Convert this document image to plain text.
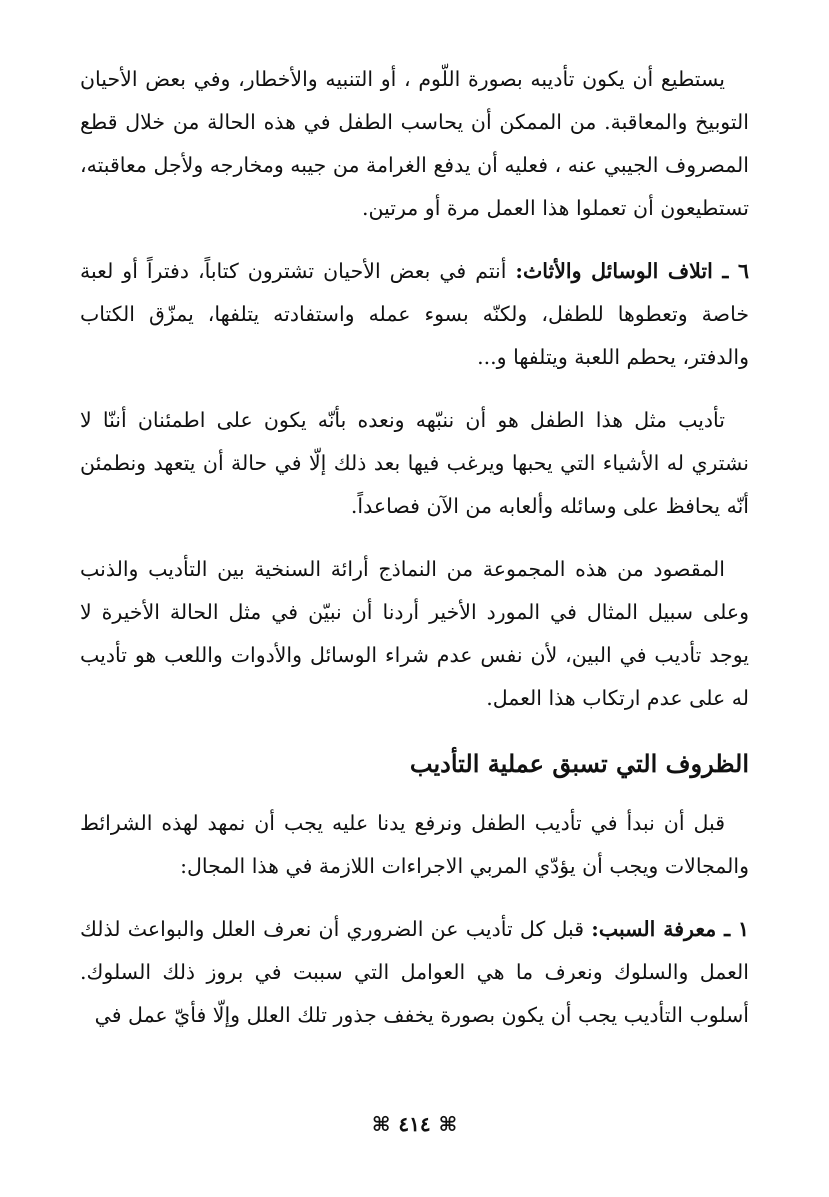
يستطيع أن يكون تأديبه بصورة اللّوم ، أو التنبيه والأخطار، وفي بعض الأحيان التوبيخ والمعاقبة. من الممكن أن يحاسب الطفل في هذه الحالة من خلال قطع المصروف الجيبي عنه ، فعليه أن يدفع الغرامة من جيبه ومخارجه ولأجل معاقبته، تستطيعون أن تعملوا هذا العمل مرة أو مرتين.

٦ ـ اتلاف الوسائل والأثاث: أنتم في بعض الأحيان تشترون كتاباً، دفتراً أو لعبة خاصة وتعطوها للطفل، ولكنّه بسوء عمله واستفادته يتلفها، يمزّق الكتاب والدفتر، يحطم اللعبة ويتلفها و...

تأديب مثل هذا الطفل هو أن ننبّهه ونعده بأنّه يكون على اطمئنان أننّا لا نشتري له الأشياء التي يحبها ويرغب فيها بعد ذلك إلّا في حالة أن يتعهد ونطمئن أنّه يحافظ على وسائله وألعابه من الآن فصاعداً.

المقصود من هذه المجموعة من النماذج أرائة السنخية بين التأديب والذنب وعلى سبيل المثال في المورد الأخير أردنا أن نبيّن في مثل الحالة الأخيرة لا يوجد تأديب في البين، لأن نفس عدم شراء الوسائل والأدوات واللعب هو تأديب له على عدم ارتكاب هذا العمل.

الظروف التي تسبق عملية التأديب

قبل أن نبدأ في تأديب الطفل ونرفع يدنا عليه يجب أن نمهد لهذه الشرائط والمجالات ويجب أن يؤدّي المربي الاجراءات اللازمة في هذا المجال:

١ ـ معرفة السبب: قبل كل تأديب عن الضروري أن نعرف العلل والبواعث لذلك العمل والسلوك ونعرف ما هي العوامل التي سببت في بروز ذلك السلوك. أسلوب التأديب يجب أن يكون بصورة يخفف جذور تلك العلل وإلّا فأيّ عمل في

⌘٤١٤⌘
